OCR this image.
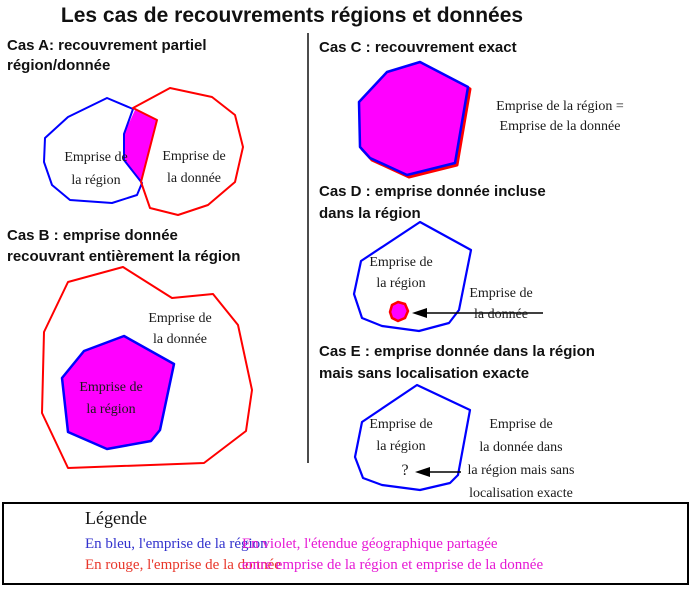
Les cas de recouvrements régions et données
Cas A: recouvrement partiel
région/donnée
Emprise de
la région
Emprise de
la donnée
Cas B : emprise donnée
recouvrant entièrement la région
Emprise de
la donnée
Emprise de
la région
Cas C : recouvrement exact
Emprise de la région =
Emprise de la donnée
Cas D : emprise donnée incluse
dans la région
Emprise de
la région
Emprise de
la donnée
Cas E : emprise donnée dans la région
mais sans localisation exacte
Emprise de
la région
?
Emprise de
la donnée dans
la région mais sans
localisation exacte
Légende
En bleu, l'emprise de la région
En rouge, l'emprise de la donnée
En violet, l'étendue géographique partagée
entre emprise de la région et emprise de la donnée
